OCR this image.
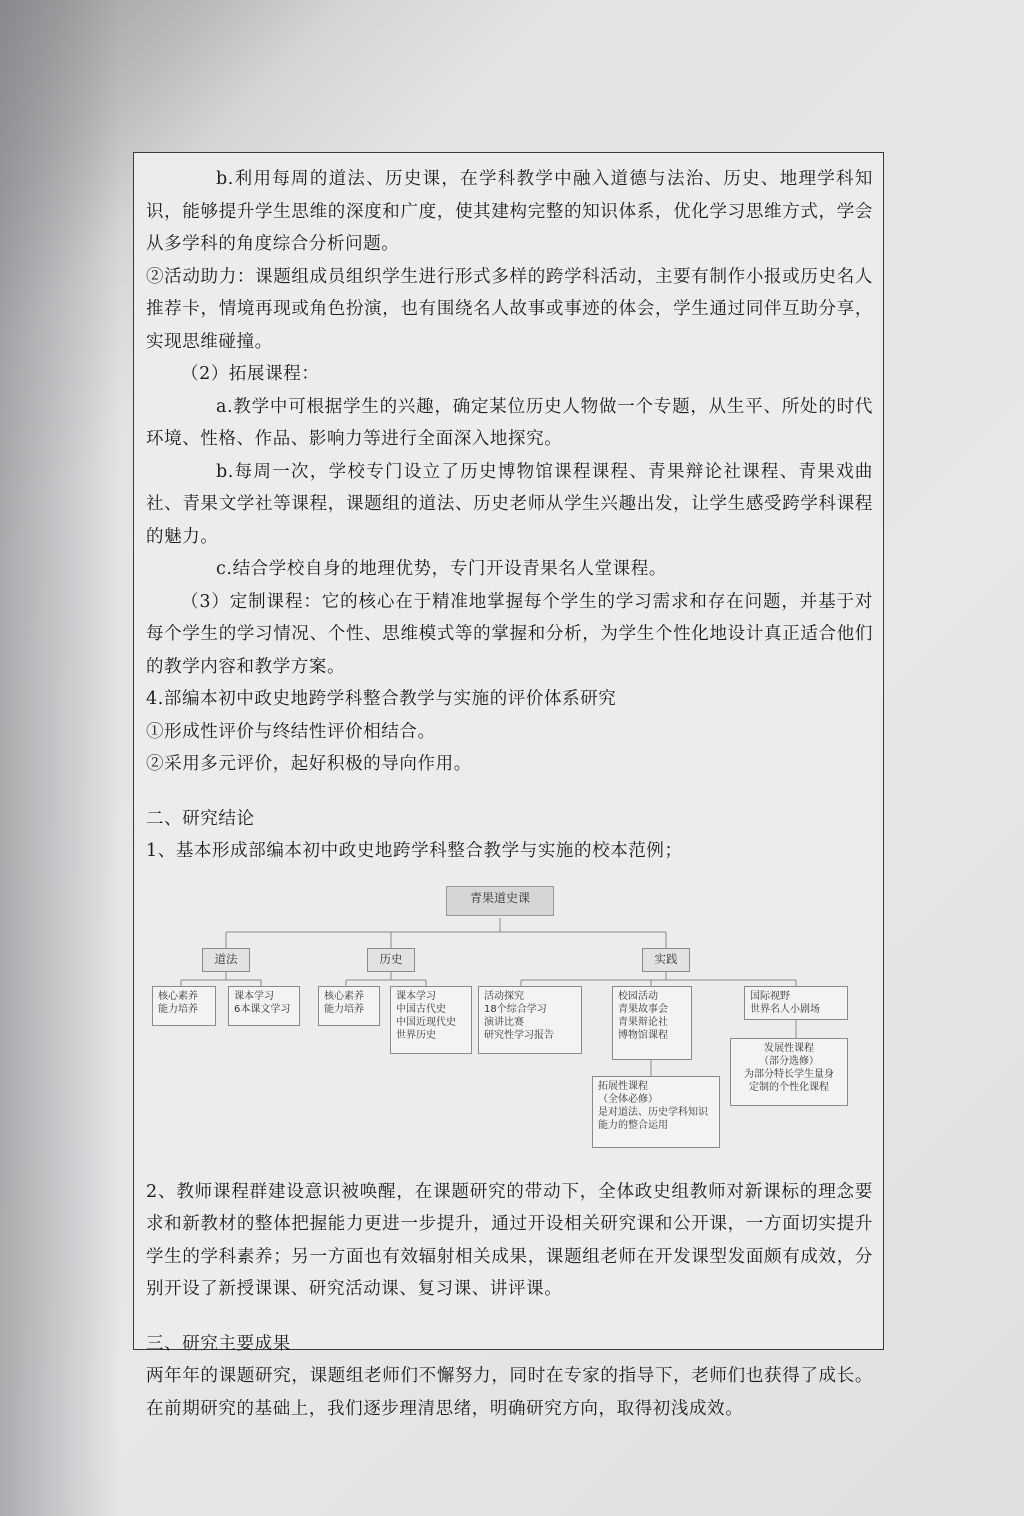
b.利用每周的道法、历史课，在学科教学中融入道德与法治、历史、地理学科知识，能够提升学生思维的深度和广度，使其建构完整的知识体系，优化学习思维方式，学会从多学科的角度综合分析问题。

②活动助力：课题组成员组织学生进行形式多样的跨学科活动，主要有制作小报或历史名人推荐卡，情境再现或角色扮演，也有围绕名人故事或事迹的体会，学生通过同伴互助分享，实现思维碰撞。

（2）拓展课程：

a.教学中可根据学生的兴趣，确定某位历史人物做一个专题，从生平、所处的时代环境、性格、作品、影响力等进行全面深入地探究。

b.每周一次，学校专门设立了历史博物馆课程课程、青果辩论社课程、青果戏曲社、青果文学社等课程，课题组的道法、历史老师从学生兴趣出发，让学生感受跨学科课程的魅力。

c.结合学校自身的地理优势，专门开设青果名人堂课程。

（3）定制课程：它的核心在于精准地掌握每个学生的学习需求和存在问题，并基于对每个学生的学习情况、个性、思维模式等的掌握和分析，为学生个性化地设计真正适合他们的教学内容和教学方案。

4.部编本初中政史地跨学科整合教学与实施的评价体系研究

①形成性评价与终结性评价相结合。

②采用多元评价，起好积极的导向作用。

二、研究结论

1、基本形成部编本初中政史地跨学科整合教学与实施的校本范例；

青果道史课
道法	历史	实践
核心素养
能力培养
课本学习
6本课文学习
核心素养
能力培养
课本学习
中国古代史
中国近现代史
世界历史
活动探究
18个综合学习
演讲比赛
研究性学习报告
校园活动
青果故事会
青果辩论社
博物馆课程
国际视野
世界名人小剧场
发展性课程
（部分选修）
为部分特长学生量身
定制的个性化课程
拓展性课程
（全体必修）
是对道法、历史学科知识
能力的整合运用

2、教师课程群建设意识被唤醒，在课题研究的带动下，全体政史组教师对新课标的理念要求和新教材的整体把握能力更进一步提升，通过开设相关研究课和公开课，一方面切实提升学生的学科素养；另一方面也有效辐射相关成果，课题组老师在开发课型发面颇有成效，分别开设了新授课课、研究活动课、复习课、讲评课。

三、研究主要成果

两年年的课题研究，课题组老师们不懈努力，同时在专家的指导下，老师们也获得了成长。在前期研究的基础上，我们逐步理清思绪，明确研究方向，取得初浅成效。
